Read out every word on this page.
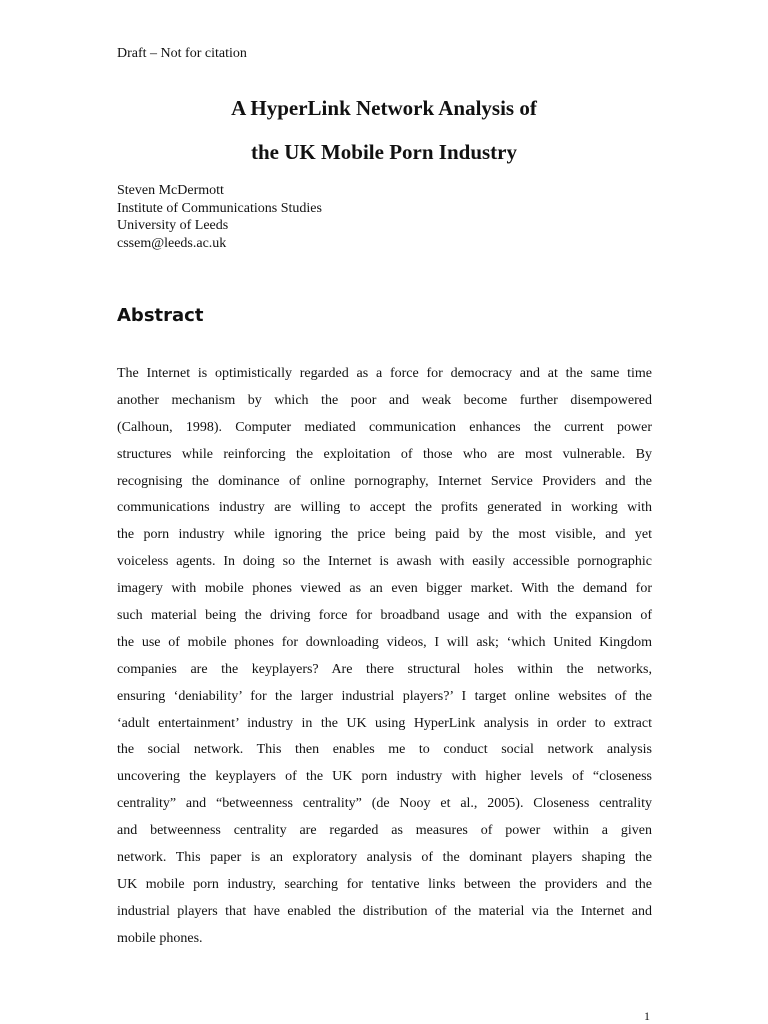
Draft – Not for citation
A HyperLink Network Analysis of
the UK Mobile Porn Industry
Steven McDermott
Institute of Communications Studies
University of Leeds
cssem@leeds.ac.uk
Abstract
The Internet is optimistically regarded as a force for democracy and at the same time
another mechanism by which the poor and weak become further disempowered
(Calhoun, 1998). Computer mediated communication enhances the current power
structures while reinforcing the exploitation of those who are most vulnerable. By
recognising the dominance of online pornography, Internet Service Providers and the
communications industry are willing to accept the profits generated in working with
the porn industry while ignoring the price being paid by the most visible, and yet
voiceless agents. In doing so the Internet is awash with easily accessible pornographic
imagery with mobile phones viewed as an even bigger market. With the demand for
such material being the driving force for broadband usage and with the expansion of
the use of mobile phones for downloading videos, I will ask; ‘which United Kingdom
companies are the keyplayers? Are there structural holes within the networks,
ensuring ‘deniability’ for the larger industrial players?’ I target online websites of the
‘adult entertainment’ industry in the UK using HyperLink analysis in order to extract
the social network. This then enables me to conduct social network analysis
uncovering the keyplayers of the UK porn industry with higher levels of “closeness
centrality” and “betweenness centrality” (de Nooy et al., 2005). Closeness centrality
and betweenness centrality are regarded as measures of power within a given
network. This paper is an exploratory analysis of the dominant players shaping the
UK mobile porn industry, searching for tentative links between the providers and the
industrial players that have enabled the distribution of the material via the Internet and
mobile phones.
1
